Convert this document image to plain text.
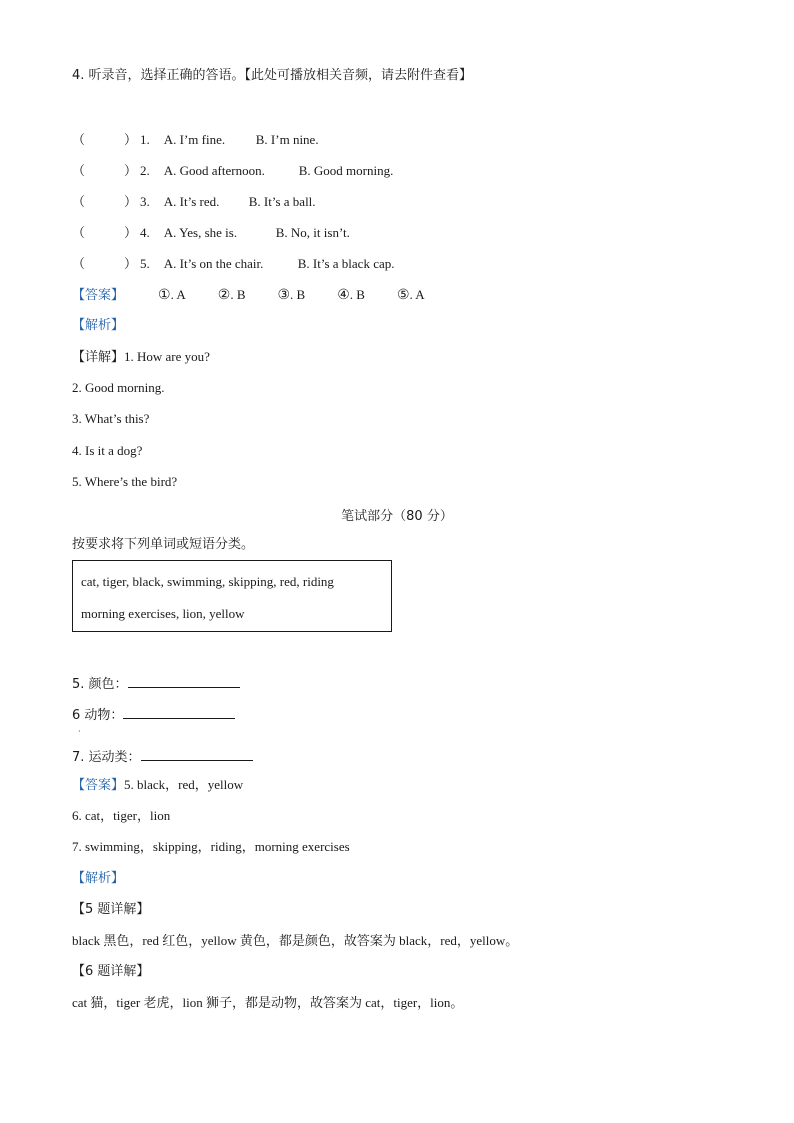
4. 听录音，选择正确的答语。【此处可播放相关音频，请去附件查看】
（　　　） 1. A. I’m fine. B. I’m nine.
（　　　） 2. A. Good afternoon.	B. Good morning.
（　　　） 3. A. It’s red. B. It’s a ball.
（　　　） 4. A. Yes, she is.	B. No, it isn’t.
（　　　） 5. A. It’s on the chair.	B. It’s a black cap.
【答案】 ①. A ②. B ③. B ④. B ⑤. A
【解析】
【详解】1. How are you?
2. Good morning.
3. What’s this?
4. Is it a dog?
5. Where’s the bird?
笔试部分（80 分）
按要求将下列单词或短语分类。
cat, tiger, black, swimming, skipping, red, riding
morning exercises, lion, yellow
5. 颜色：
6 动物：
·
7. 运动类：
【答案】5. black，red，yellow
6. cat，tiger，lion
7. swimming，skipping，riding，morning exercises
【解析】
【5 题详解】
black 黑色，red 红色，yellow 黄色，都是颜色，故答案为 black，red，yellow。
【6 题详解】
cat 猫，tiger 老虎，lion 狮子，都是动物，故答案为 cat，tiger，lion。
